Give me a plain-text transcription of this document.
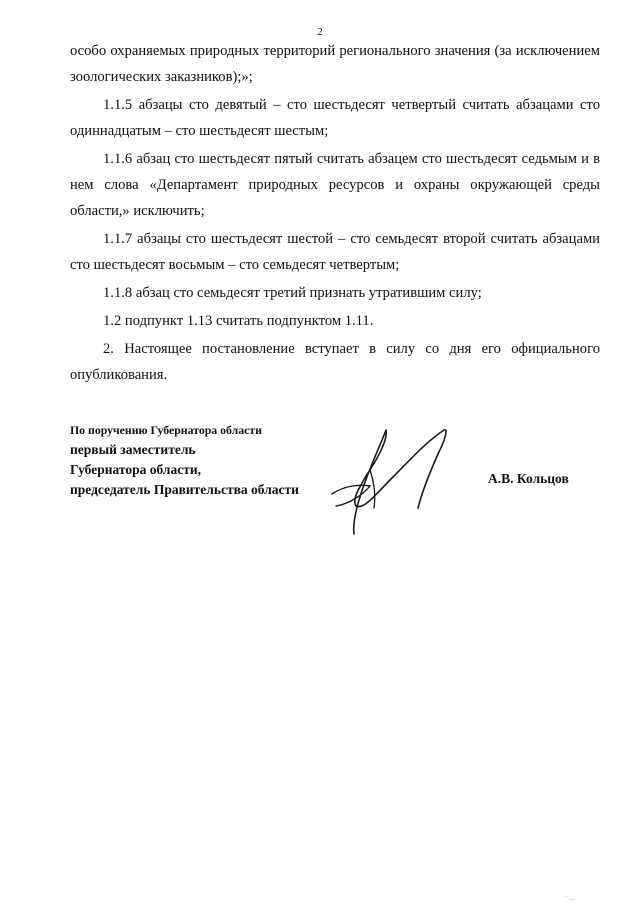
2

особо охраняемых природных территорий регионального значения (за исключением зоологических заказников);»;

1.1.5 абзацы сто девятый – сто шестьдесят четвертый считать абзацами сто одиннадцатым – сто шестьдесят шестым;

1.1.6 абзац сто шестьдесят пятый считать абзацем сто шестьдесят седьмым и в нем слова «Департамент природных ресурсов и охраны окружающей среды области,» исключить;

1.1.7 абзацы сто шестьдесят шестой – сто семьдесят второй считать абзацами сто шестьдесят восьмым – сто семьдесят четвертым;

1.1.8 абзац сто семьдесят третий признать утратившим силу;

1.2 подпункт 1.13 считать подпунктом 1.11.

2. Настоящее постановление вступает в силу со дня его официального опубликования.

По поручению Губернатора области
первый заместитель
Губернатора области,
председатель Правительства области
А.В. Кольцов
' ....
